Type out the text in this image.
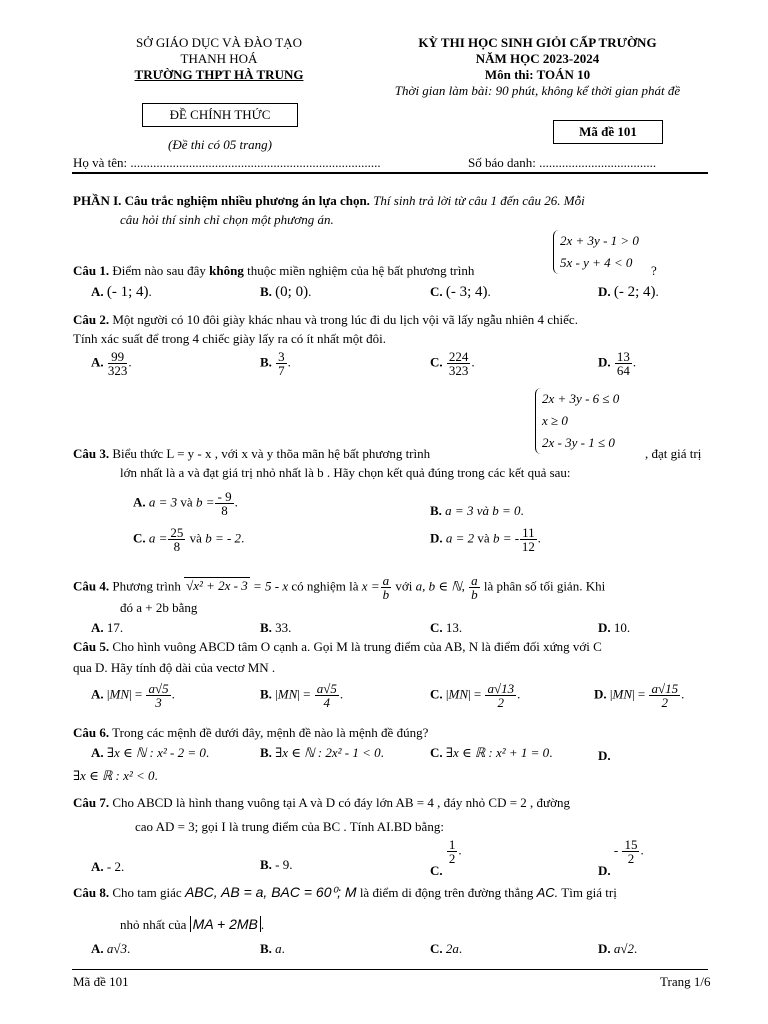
SỞ GIÁO DỤC VÀ ĐÀO TẠO
THANH HOÁ
TRƯỜNG THPT HÀ TRUNG
KỲ THI HỌC SINH GIỎI CẤP TRƯỜNG
NĂM HỌC 2023-2024
Môn thi: TOÁN 10
Thời gian làm bài: 90 phút, không kể thời gian phát đề
ĐỀ CHÍNH THỨC
(Đề thi có 05 trang)
Mã đề 101
Họ và tên: .............................................................................	Số báo danh: ....................................
PHẦN I. Câu trắc nghiệm nhiều phương án lựa chọn. Thí sinh trả lời từ câu 1 đến câu 26. Mỗi
câu hỏi thí sinh chỉ chọn một phương án.
2x + 3y - 1 > 0
5x - y + 4 < 0
Câu 1. Điểm nào sau đây không thuộc miền nghiệm của hệ bất phương trình	?
A. (- 1; 4).	B. (0; 0).	C. (- 3; 4).	D. (- 2; 4).
Câu 2. Một người có 10 đôi giày khác nhau và trong lúc đi du lịch vội vã lấy ngẫu nhiên 4 chiếc.
Tính xác suất để trong 4 chiếc giày lấy ra có ít nhất một đôi.
A. $\frac{99}{323}$ .	B. $\frac{3}{7}$ .	C. $\frac{224}{323}$ .	D. $\frac{13}{64}$ .
2x + 3y - 6 ≤ 0
x ≥ 0
2x - 3y - 1 ≤ 0
Câu 3. Biểu thức L = y - x , với x và y thõa mãn hệ bất phương trình	, đạt giá trị
lớn nhất là a và đạt giá trị nhỏ nhất là b . Hãy chọn kết quả đúng trong các kết quả sau:
A. a = 3 và $b = \frac{- 9}{8}$ .
B. a = 3 và b = 0.
C. $a = \frac{25}{8}$ và b = - 2.	D. a = 2 và b = - $\frac{11}{12}$ .
Câu 4. Phương trình √x² + 2x - 3 = 5 - x có nghiệm là $x = \frac{a}{b}$ với a, b ∈ ℕ, $\frac{a}{b}$ là phân số tối giản. Khi
đó a + 2b bằng
A. 17.	B. 33.	C. 13.	D. 10.
Câu 5. Cho hình vuông ABCD tâm O cạnh a. Gọi M là trung điểm của AB, N là điểm đối xứng với C
qua D. Hãy tính độ dài của vectơ MN .
A. $|MN| = \frac{a√5}{3}$ .	B. $|MN| = \frac{a√5}{4}$ .	C. $|MN| = \frac{a√13}{2}$ .	D. $|MN| = \frac{a√15}{2}$ .
Câu 6. Trong các mệnh đề dưới đây, mệnh đề nào là mệnh đề đúng?
A. ∃x ∈ ℕ : x² - 2 = 0.	B. ∃x ∈ ℕ : 2x² - 1 < 0.	C. ∃x ∈ ℝ : x² + 1 = 0.	D.
∃x ∈ ℝ : x² < 0.
Câu 7. Cho ABCD là hình thang vuông tại A và D có đáy lớn AB = 4 , đáy nhỏ CD = 2 , đường
cao AD = 3; gọi I là trung điểm của BC . Tính AI.BD bằng:
A. - 2.	B. - 9.	C.
$\frac{1}{2}$ .
D. - $\frac{15}{2}$ .
Câu 8. Cho tam giác ABC, AB = a, BAC = 60⁰; M là điểm di động trên đường thẳng AC. Tìm giá trị
nhỏ nhất của MA + 2MB .
A. a√3.	B. a.	C. 2a.	D. a√2.
Mã đề 101	Trang 1/6
